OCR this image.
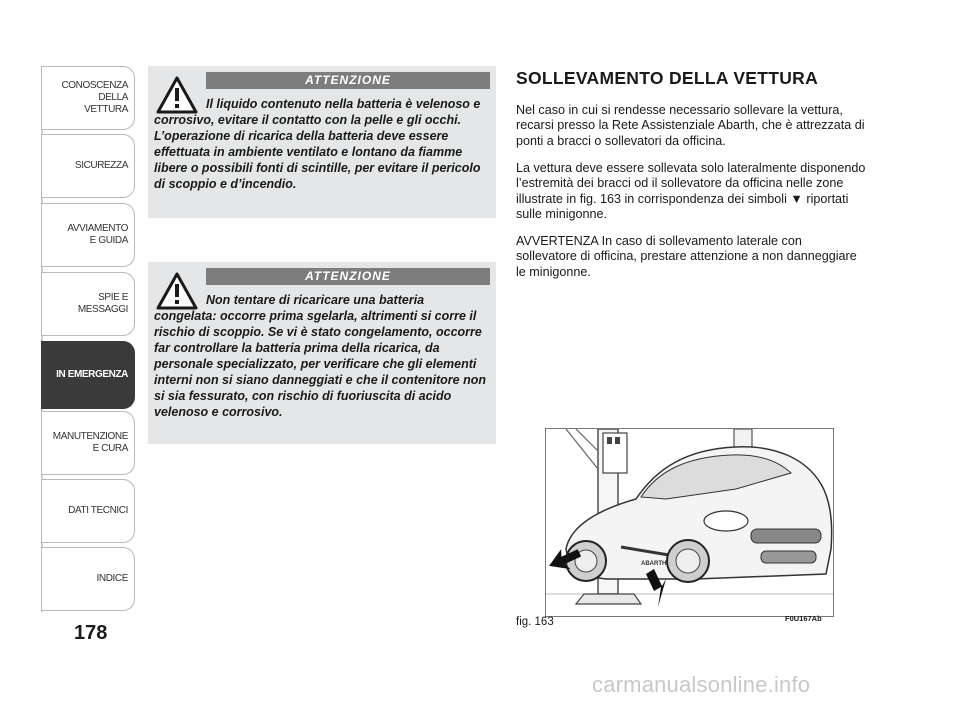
CONOSCENZA
DELLA
VETTURA
SICUREZZA
AVVIAMENTO
E GUIDA
SPIE E
MESSAGGI
IN EMERGENZA
MANUTENZIONE
E CURA
DATI TECNICI
INDICE
178
ATTENZIONE
Il liquido contenuto nella batteria è velenoso e corrosivo, evitare il contatto con la pelle e gli occhi. L’operazione di ricarica della batteria deve essere effettuata in ambiente ventilato e lontano da fiamme libere o possibili fonti di scintille, per evitare il pericolo di scoppio e d’incendio.
ATTENZIONE
Non tentare di ricaricare una batteria congelata: occorre prima sgelarla, altrimenti si corre il rischio di scoppio. Se vi è stato congelamento, occorre far controllare la batteria prima della ricarica, da personale specializzato, per verificare che gli elementi interni non si siano danneggiati e che il contenitore non si sia fessurato, con rischio di fuoriuscita di acido velenoso e corrosivo.
SOLLEVAMENTO DELLA VETTURA

Nel caso in cui si rendesse necessario sollevare la vettura, recarsi presso la Rete Assistenziale Abarth, che è attrezzata di ponti a bracci o sollevatori da officina.

La vettura deve essere sollevata solo lateralmente disponendo l’estremità dei bracci od il sollevatore da officina nelle zone illustrate in fig. 163 in corrispondenza dei simboli ▼ riportati sulle minigonne.

AVVERTENZA In caso di sollevamento laterale con sollevatore di officina, prestare attenzione a non danneggiare le minigonne.

ABARTH
fig. 163	F0U167Ab
carmanualsonline.info
